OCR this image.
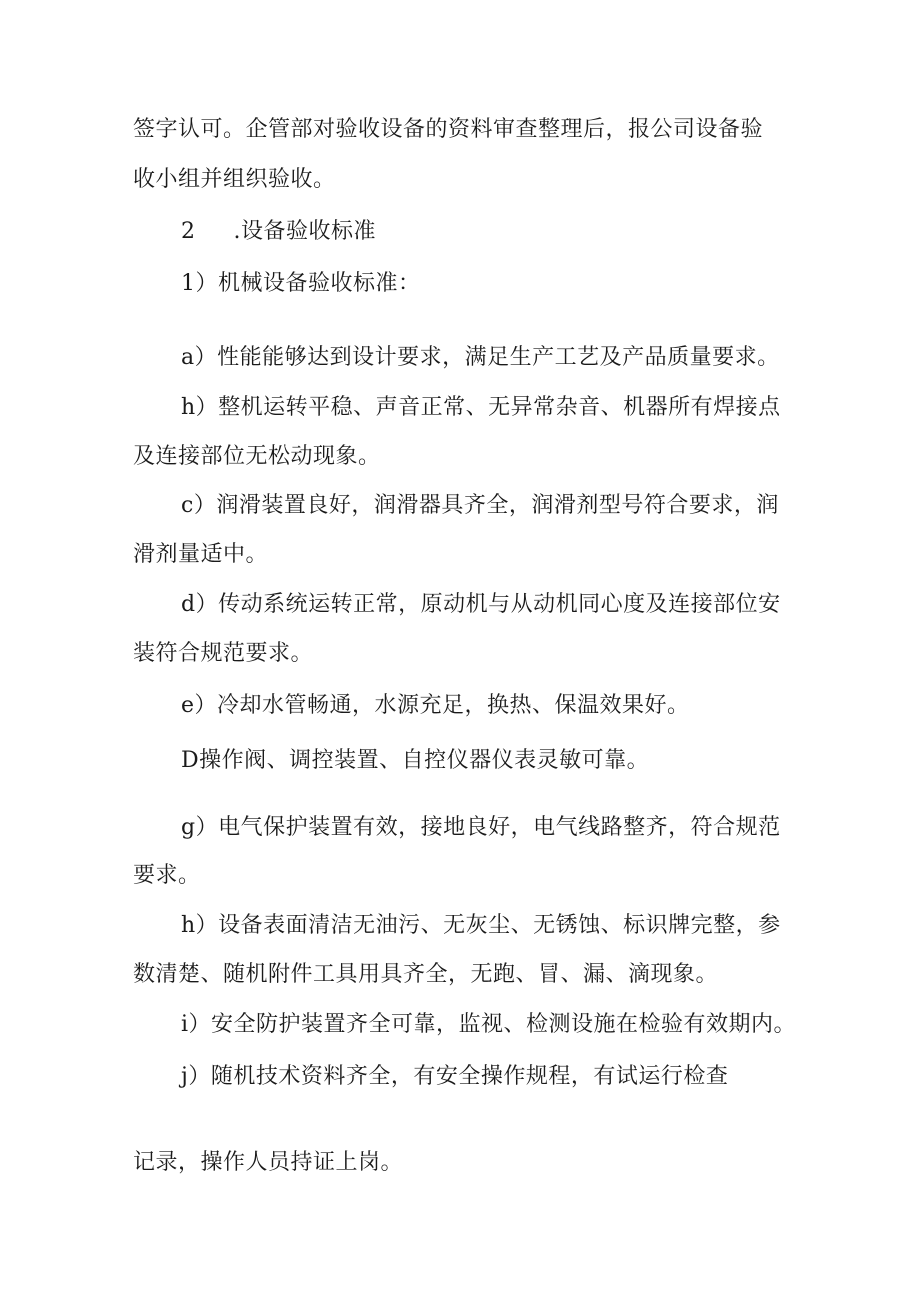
签字认可。企管部对验收设备的资料审查整理后，报公司设备验
收小组并组织验收。
2 .设备验收标准
1）机械设备验收标准：
a）性能能够达到设计要求，满足生产工艺及产品质量要求。
h）整机运转平稳、声音正常、无异常杂音、机器所有焊接点
及连接部位无松动现象。
c）润滑装置良好，润滑器具齐全，润滑剂型号符合要求，润
滑剂量适中。
d）传动系统运转正常，原动机与从动机同心度及连接部位安
装符合规范要求。
e）冷却水管畅通，水源充足，换热、保温效果好。
D操作阀、调控装置、自控仪器仪表灵敏可靠。
g）电气保护装置有效，接地良好，电气线路整齐，符合规范
要求。
h）设备表面清洁无油污、无灰尘、无锈蚀、标识牌完整，参
数清楚、随机附件工具用具齐全，无跑、冒、漏、滴现象。
i）安全防护装置齐全可靠，监视、检测设施在检验有效期内。
j）随机技术资料齐全，有安全操作规程，有试运行检查
记录，操作人员持证上岗。
